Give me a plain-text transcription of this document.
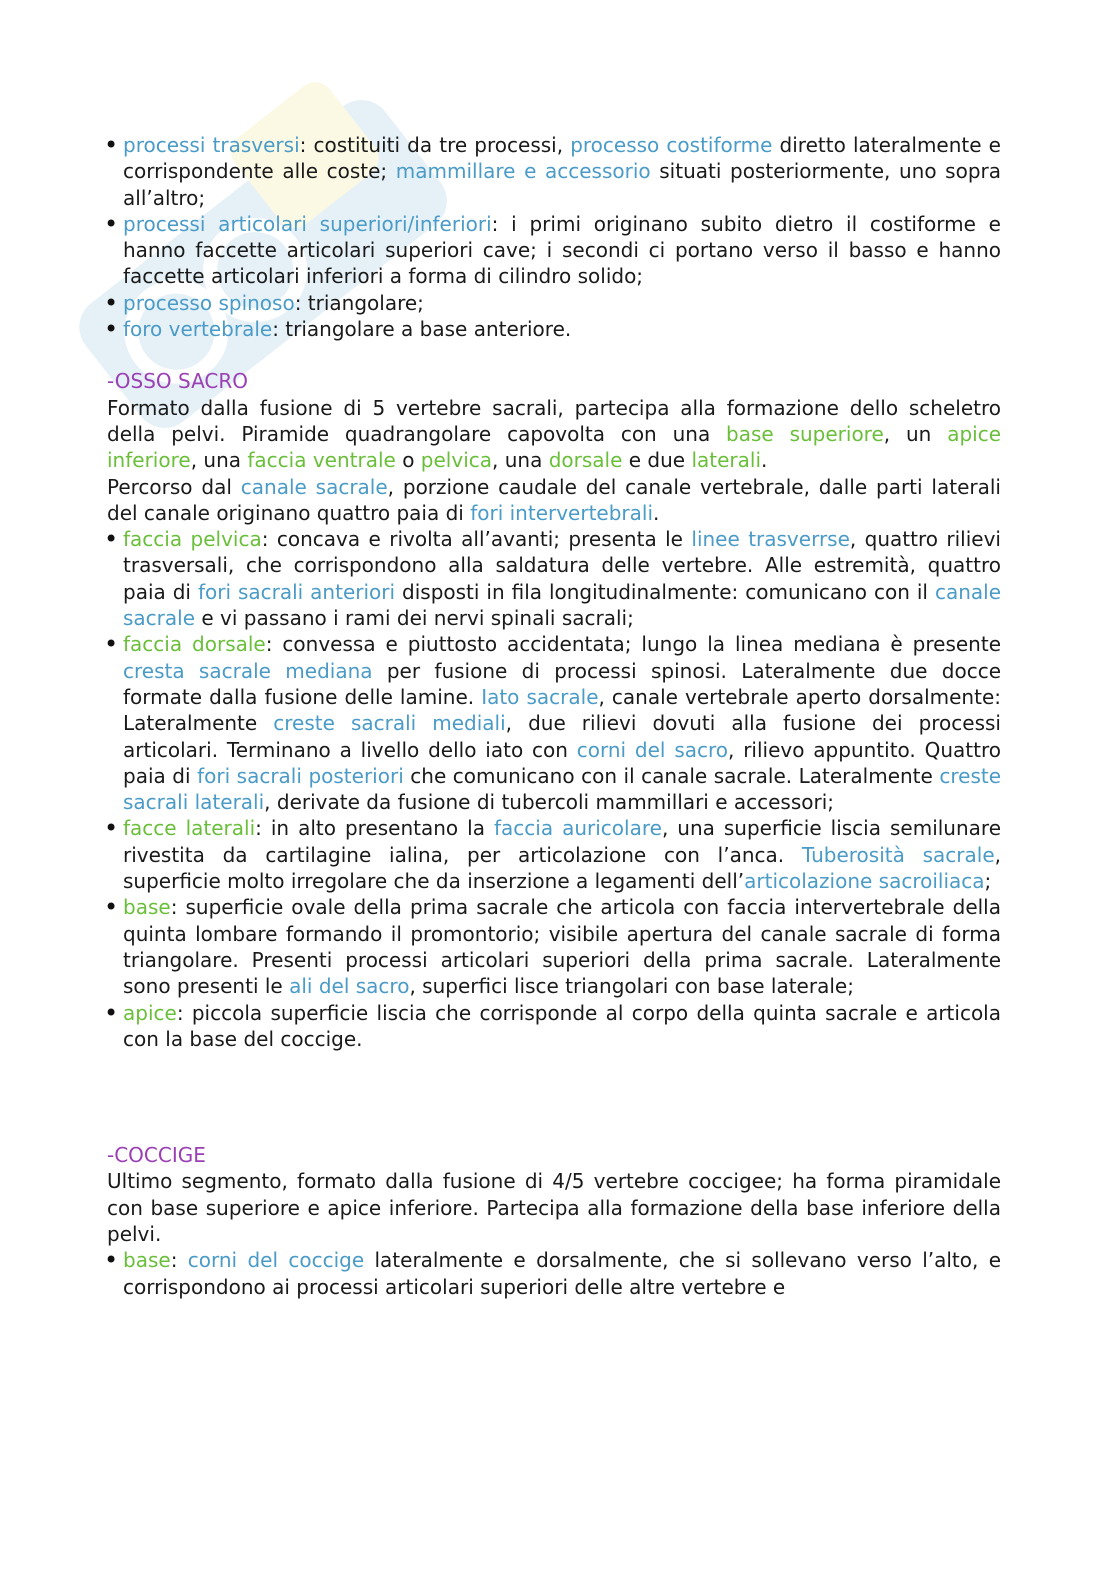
• processi trasversi: costituiti da tre processi, processo costiforme diretto lateralmente e corrispondente alle coste; mammillare e accessorio situati posteriormente, uno sopra all’altro;
• processi articolari superiori/inferiori: i primi originano subito dietro il costiforme e hanno faccette articolari superiori cave; i secondi ci portano verso il basso e hanno faccette articolari inferiori a forma di cilindro solido;
• processo spinoso: triangolare;
• foro vertebrale: triangolare a base anteriore.

-OSSO SACRO

Formato dalla fusione di 5 vertebre sacrali, partecipa alla formazione dello scheletro della pelvi. Piramide quadrangolare capovolta con una base superiore, un apice inferiore, una faccia ventrale o pelvica, una dorsale e due laterali.

Percorso dal canale sacrale, porzione caudale del canale vertebrale, dalle parti laterali del canale originano quattro paia di fori intervertebrali.

• faccia pelvica: concava e rivolta all’avanti; presenta le linee trasverrse, quattro rilievi trasversali, che corrispondono alla saldatura delle vertebre. Alle estremità, quattro paia di fori sacrali anteriori disposti in fila longitudinalmente: comunicano con il canale sacrale e vi passano i rami dei nervi spinali sacrali;
• faccia dorsale: convessa e piuttosto accidentata; lungo la linea mediana è presente cresta sacrale mediana per fusione di processi spinosi. Lateralmente due docce formate dalla fusione delle lamine. Iato sacrale, canale vertebrale aperto dorsalmente: Lateralmente creste sacrali mediali, due rilievi dovuti alla fusione dei processi articolari. Terminano a livello dello iato con corni del sacro, rilievo appuntito. Quattro paia di fori sacrali posteriori che comunicano con il canale sacrale. Lateralmente creste sacrali laterali, derivate da fusione di tubercoli mammillari e accessori;
• facce laterali: in alto presentano la faccia auricolare, una superficie liscia semilunare rivestita da cartilagine ialina, per articolazione con l’anca. Tuberosità sacrale, superficie molto irregolare che da inserzione a legamenti dell’articolazione sacroiliaca;
• base: superficie ovale della prima sacrale che articola con faccia intervertebrale della quinta lombare formando il promontorio; visibile apertura del canale sacrale di forma triangolare. Presenti processi articolari superiori della prima sacrale. Lateralmente sono presenti le ali del sacro, superfici lisce triangolari con base laterale;
• apice: piccola superficie liscia che corrisponde al corpo della quinta sacrale e articola con la base del coccige.

-COCCIGE

Ultimo segmento, formato dalla fusione di 4/5 vertebre coccigee; ha forma piramidale con base superiore e apice inferiore. Partecipa alla formazione della base inferiore della pelvi.

• base: corni del coccige lateralmente e dorsalmente, che si sollevano verso l’alto, e corrispondono ai processi articolari superiori delle altre vertebre e
